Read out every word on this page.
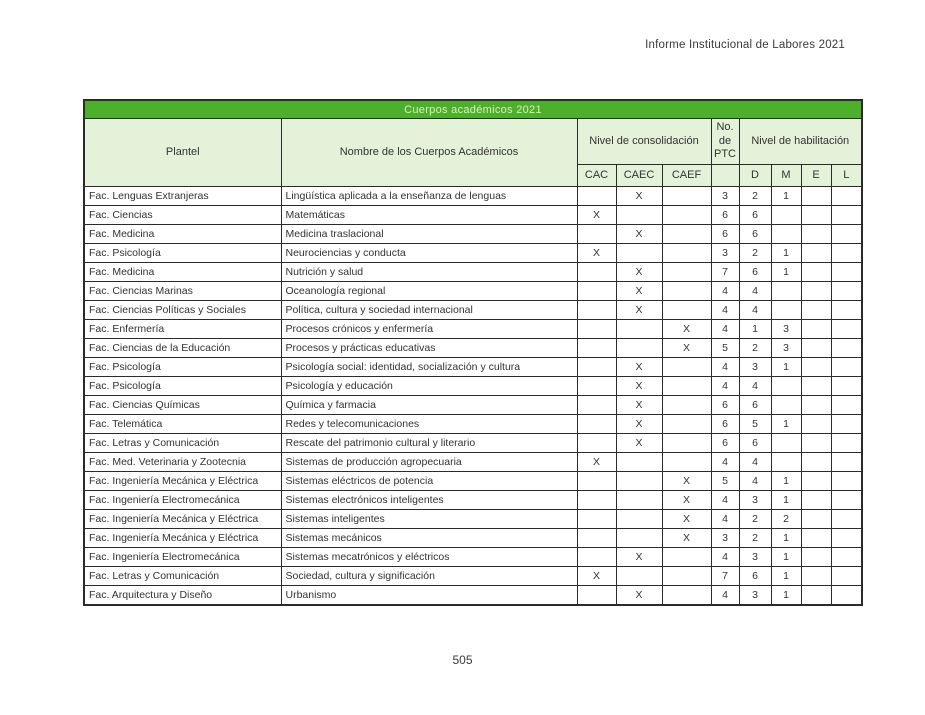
Informe Institucional de Labores 2021
Cuerpos académicos 2021									
Plantel	Nombre de los Cuerpos Académicos	Nivel de consolidación			No. de PTC	Nivel de habilitación			
		CAC	CAEC	CAEF		D	M	E	L
Fac. Lenguas Extranjeras	Lingüística aplicada a la enseñanza de lenguas		X		3	2	1		
Fac. Ciencias	Matemáticas	X			6	6			
Fac. Medicina	Medicina traslacional		X		6	6			
Fac. Psicología	Neurociencias y conducta	X			3	2	1		
Fac. Medicina	Nutrición y salud		X		7	6	1		
Fac. Ciencias Marinas	Oceanología regional		X		4	4			
Fac. Ciencias Políticas y Sociales	Política, cultura y sociedad internacional		X		4	4			
Fac. Enfermería	Procesos crónicos y enfermería			X	4	1	3		
Fac. Ciencias de la Educación	Procesos y prácticas educativas			X	5	2	3		
Fac. Psicología	Psicología social: identidad, socialización y cultura		X		4	3	1		
Fac. Psicología	Psicología y educación		X		4	4			
Fac. Ciencias Químicas	Química y farmacia		X		6	6			
Fac. Telemática	Redes y telecomunicaciones		X		6	5	1		
Fac. Letras y Comunicación	Rescate del patrimonio cultural y literario		X		6	6			
Fac. Med. Veterinaria y Zootecnia	Sistemas de producción agropecuaria	X			4	4			
Fac. Ingeniería Mecánica y Eléctrica	Sistemas eléctricos de potencia			X	5	4	1		
Fac. Ingeniería Electromecánica	Sistemas electrónicos inteligentes			X	4	3	1		
Fac. Ingeniería Mecánica y Eléctrica	Sistemas inteligentes			X	4	2	2		
Fac. Ingeniería Mecánica y Eléctrica	Sistemas mecánicos			X	3	2	1		
Fac. Ingeniería Electromecánica	Sistemas mecatrónicos y eléctricos		X		4	3	1		
Fac. Letras y Comunicación	Sociedad, cultura y significación	X			7	6	1		
Fac. Arquitectura y Diseño	Urbanismo		X		4	3	1		
505
